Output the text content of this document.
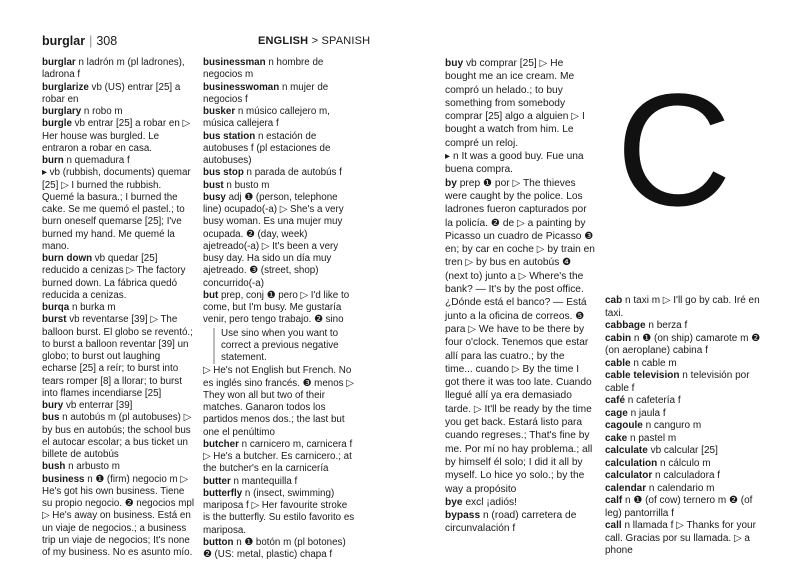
burglar | 308	ENGLISH > SPANISH

burglar n ladrón m (pl ladrones), ladrona f

burglarize vb (US) entrar [25] a robar en

burglary n robo m

burgle vb entrar [25] a robar en ▷ Her house was burgled. Le entraron a robar en casa.

burn n quemadura f

▸ vb (rubbish, documents) quemar [25] ▷ I burned the rubbish. Quemé la basura.; I burned the cake. Se me quemó el pastel.; to burn oneself quemarse [25]; I've burned my hand. Me quemé la mano.

burn down vb quedar [25] reducido a cenizas ▷ The factory burned down. La fábrica quedó reducida a cenizas.

burqa n burka m

burst vb reventarse [39] ▷ The balloon burst. El globo se reventó.; to burst a balloon reventar [39] un globo; to burst out laughing echarse [25] a reír; to burst into tears romper [8] a llorar; to burst into flames incendiarse [25]

bury vb enterrar [39]

bus n autobús m (pl autobuses) ▷ by bus en autobús; the school bus el autocar escolar; a bus ticket un billete de autobús

bush n arbusto m

business n ❶ (firm) negocio m ▷ He's got his own business. Tiene su propio negocio. ❷ negocios mpl ▷ He's away on business. Está en un viaje de negocios.; a business trip un viaje de negocios; It's none of my business. No es asunto mío.

businessman n hombre de negocios m

businesswoman n mujer de negocios f

busker n músico callejero m, música callejera f

bus station n estación de autobuses f (pl estaciones de autobuses)

bus stop n parada de autobús f

bust n busto m

busy adj ❶ (person, telephone line) ocupado(-a) ▷ She's a very busy woman. Es una mujer muy ocupada. ❷ (day, week) ajetreado(-a) ▷ It's been a very busy day. Ha sido un día muy ajetreado. ❸ (street, shop) concurrido(-a)

but prep, conj ❶ pero ▷ I'd like to come, but I'm busy. Me gustaría venir, pero tengo trabajo. ❷ sino

Use sino when you want to correct a previous negative statement.

▷ He's not English but French. No es inglés sino francés. ❸ menos ▷ They won all but two of their matches. Ganaron todos los partidos menos dos.; the last but one el penúltimo

butcher n carnicero m, carnicera f ▷ He's a butcher. Es carnicero.; at the butcher's en la carnicería

butter n mantequilla f

butterfly n (insect, swimming) mariposa f ▷ Her favourite stroke is the butterfly. Su estilo favorito es mariposa.

button n ❶ botón m (pl botones) ❷ (US: metal, plastic) chapa f

buy vb comprar [25] ▷ He bought me an ice cream. Me compró un helado.; to buy something from somebody comprar [25] algo a alguien ▷ I bought a watch from him. Le compré un reloj.

▸ n It was a good buy. Fue una buena compra.

by prep ❶ por ▷ The thieves were caught by the police. Los ladrones fueron capturados por la policía. ❷ de ▷ a painting by Picasso un cuadro de Picasso ❸ en; by car en coche ▷ by train en tren ▷ by bus en autobús ❹ (next to) junto a ▷ Where's the bank? — It's by the post office. ¿Dónde está el banco? — Está junto a la oficina de correos. ❺ para ▷ We have to be there by four o'clock. Tenemos que estar allí para las cuatro.; by the time... cuando ▷ By the time I got there it was too late. Cuando llegué allí ya era demasiado tarde. ▷ It'll be ready by the time you get back. Estará listo para cuando regreses.; That's fine by me. Por mí no hay problema.; all by himself él solo; I did it all by myself. Lo hice yo solo.; by the way a propósito

bye excl ¡adiós!

bypass n (road) carretera de circunvalación f

C

cab n taxi m ▷ I'll go by cab. Iré en taxi.

cabbage n berza f

cabin n ❶ (on ship) camarote m ❷ (on aeroplane) cabina f

cable n cable m

cable television n televisión por cable f

café n cafetería f

cage n jaula f

cagoule n canguro m

cake n pastel m

calculate vb calcular [25]

calculation n cálculo m

calculator n calculadora f

calendar n calendario m

calf n ❶ (of cow) ternero m ❷ (of leg) pantorrilla f

call n llamada f ▷ Thanks for your call. Gracias por su llamada. ▷ a phone
